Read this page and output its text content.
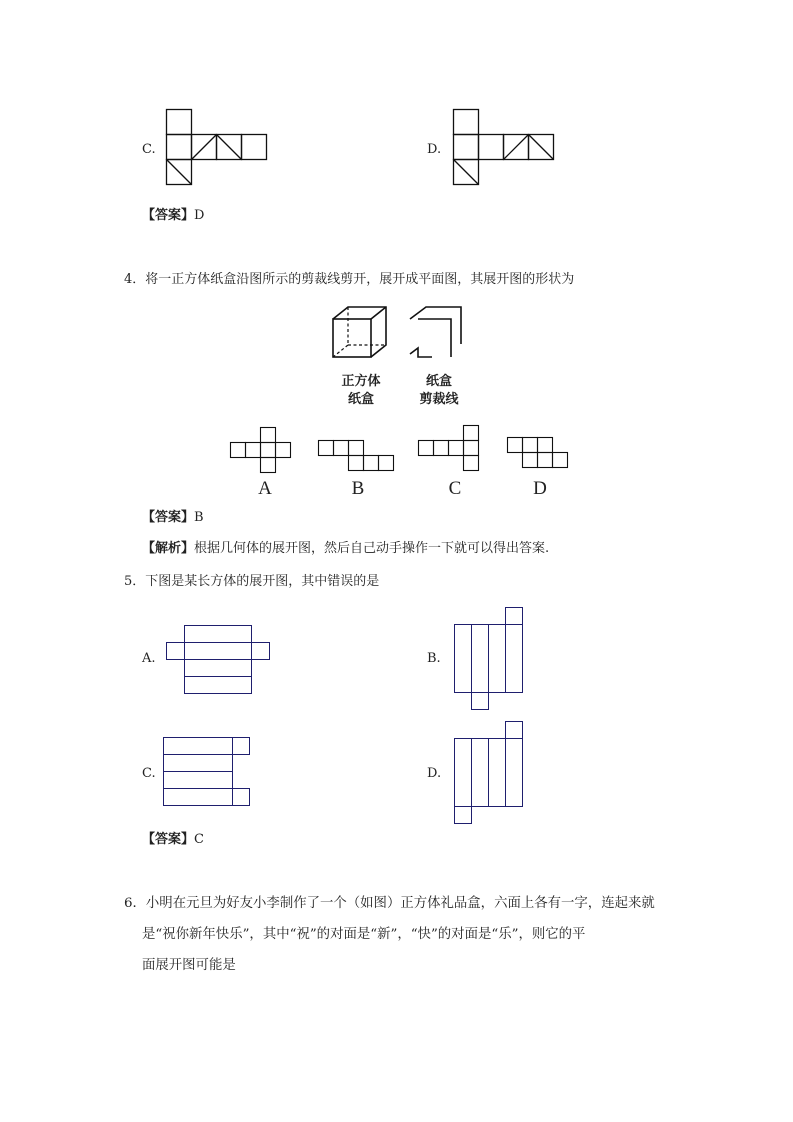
C.	D.
【答案】D
4．将一正方体纸盒沿图所示的剪裁线剪开，展开成平面图，其展开图的形状为
正方体
纸盒
纸盒
剪裁线
A	B	C	D
【答案】B
【解析】根据几何体的展开图，然后自己动手操作一下就可以得出答案.
5．下图是某长方体的展开图，其中错误的是
A.	B.
C.	D.
【答案】C
6．小明在元旦为好友小李制作了一个（如图）正方体礼品盒，六面上各有一字，连起来就
是“祝你新年快乐”，其中“祝”的对面是“新”，“快”的对面是“乐”，则它的平
面展开图可能是
